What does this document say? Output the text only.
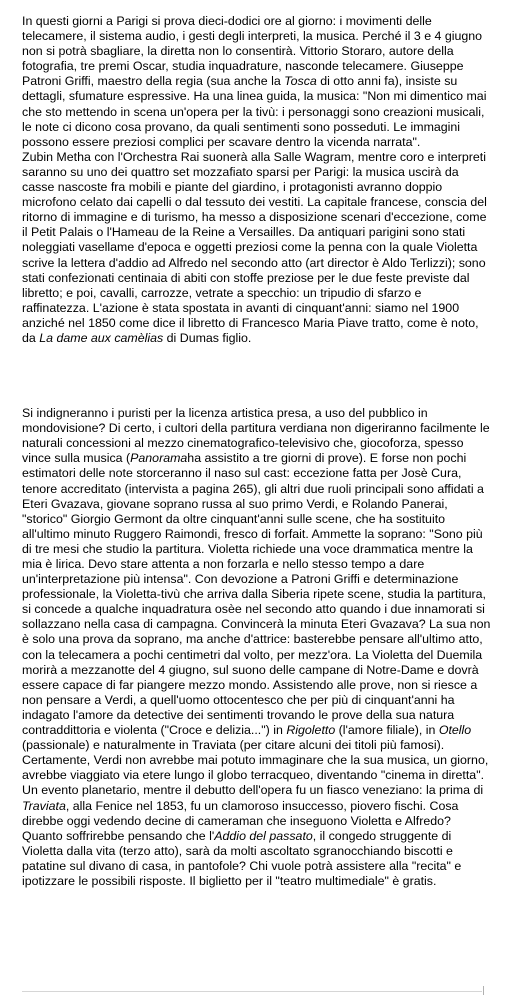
In questi giorni a Parigi si prova dieci-dodici ore al giorno: i movimenti delle telecamere, il sistema audio, i gesti degli interpreti, la musica. Perché il 3 e 4 giugno non si potrà sbagliare, la diretta non lo consentirà. Vittorio Storaro, autore della fotografia, tre premi Oscar, studia inquadrature, nasconde telecamere. Giuseppe Patroni Griffi, maestro della regia (sua anche la Tosca di otto anni fa), insiste su dettagli, sfumature espressive. Ha una linea guida, la musica: "Non mi dimentico mai che sto mettendo in scena un'opera per la tivù: i personaggi sono creazioni musicali, le note ci dicono cosa provano, da quali sentimenti sono posseduti. Le immagini possono essere preziosi complici per scavare dentro la vicenda narrata".

Zubin Metha con l'Orchestra Rai suonerà alla Salle Wagram, mentre coro e interpreti saranno su uno dei quattro set mozzafiato sparsi per Parigi: la musica uscirà da casse nascoste fra mobili e piante del giardino, i protagonisti avranno doppio microfono celato dai capelli o dal tessuto dei vestiti. La capitale francese, conscia del ritorno di immagine e di turismo, ha messo a disposizione scenari d'eccezione, come il Petit Palais o l'Hameau de la Reine a Versailles. Da antiquari parigini sono stati noleggiati vasellame d'epoca e oggetti preziosi come la penna con la quale Violetta scrive la lettera d'addio ad Alfredo nel secondo atto (art director è Aldo Terlizzi); sono stati confezionati centinaia di abiti con stoffe preziose per le due feste previste dal libretto; e poi, cavalli, carrozze, vetrate a specchio: un tripudio di sfarzo e raffinatezza. L'azione è stata spostata in avanti di cinquant'anni: siamo nel 1900 anziché nel 1850 come dice il libretto di Francesco Maria Piave tratto, come è noto, da La dame aux camèlias di Dumas figlio.

Si indigneranno i puristi per la licenza artistica presa, a uso del pubblico in mondovisione? Di certo, i cultori della partitura verdiana non digeriranno facilmente le naturali concessioni al mezzo cinematografico-televisivo che, giocoforza, spesso vince sulla musica (Panoramaha assistito a tre giorni di prove). E forse non pochi estimatori delle note storceranno il naso sul cast: eccezione fatta per Josè Cura, tenore accreditato (intervista a pagina 265), gli altri due ruoli principali sono affidati a Eteri Gvazava, giovane soprano russa al suo primo Verdi, e Rolando Panerai, "storico" Giorgio Germont da oltre cinquant'anni sulle scene, che ha sostituito all'ultimo minuto Ruggero Raimondi, fresco di forfait. Ammette la soprano: "Sono più di tre mesi che studio la partitura. Violetta richiede una voce drammatica mentre la mia è lirica. Devo stare attenta a non forzarla e nello stesso tempo a dare un'interpretazione più intensa". Con devozione a Patroni Griffi e determinazione professionale, la Violetta-tivù che arriva dalla Siberia ripete scene, studia la partitura, si concede a qualche inquadratura osèe nel secondo atto quando i due innamorati si sollazzano nella casa di campagna. Convincerà la minuta Eteri Gvazava? La sua non è solo una prova da soprano, ma anche d'attrice: basterebbe pensare all'ultimo atto, con la telecamera a pochi centimetri dal volto, per mezz'ora. La Violetta del Duemila morirà a mezzanotte del 4 giugno, sul suono delle campane di Notre-Dame e dovrà essere capace di far piangere mezzo mondo. Assistendo alle prove, non si riesce a non pensare a Verdi, a quell'uomo ottocentesco che per più di cinquant'anni ha indagato l'amore da detective dei sentimenti trovando le prove della sua natura contraddittoria e violenta ("Croce e delizia...") in Rigoletto (l'amore filiale), in Otello (passionale) e naturalmente in Traviata (per citare alcuni dei titoli più famosi). Certamente, Verdi non avrebbe mai potuto immaginare che la sua musica, un giorno, avrebbe viaggiato via etere lungo il globo terracqueo, diventando "cinema in diretta". Un evento planetario, mentre il debutto dell'opera fu un fiasco veneziano: la prima di Traviata, alla Fenice nel 1853, fu un clamoroso insuccesso, piovero fischi. Cosa direbbe oggi vedendo decine di cameraman che inseguono Violetta e Alfredo? Quanto soffrirebbe pensando che l'Addio del passato, il congedo struggente di Violetta dalla vita (terzo atto), sarà da molti ascoltato sgranocchiando biscotti e patatine sul divano di casa, in pantofole? Chi vuole potrà assistere alla "recita" e ipotizzare le possibili risposte. Il biglietto per il "teatro multimediale" è gratis.
